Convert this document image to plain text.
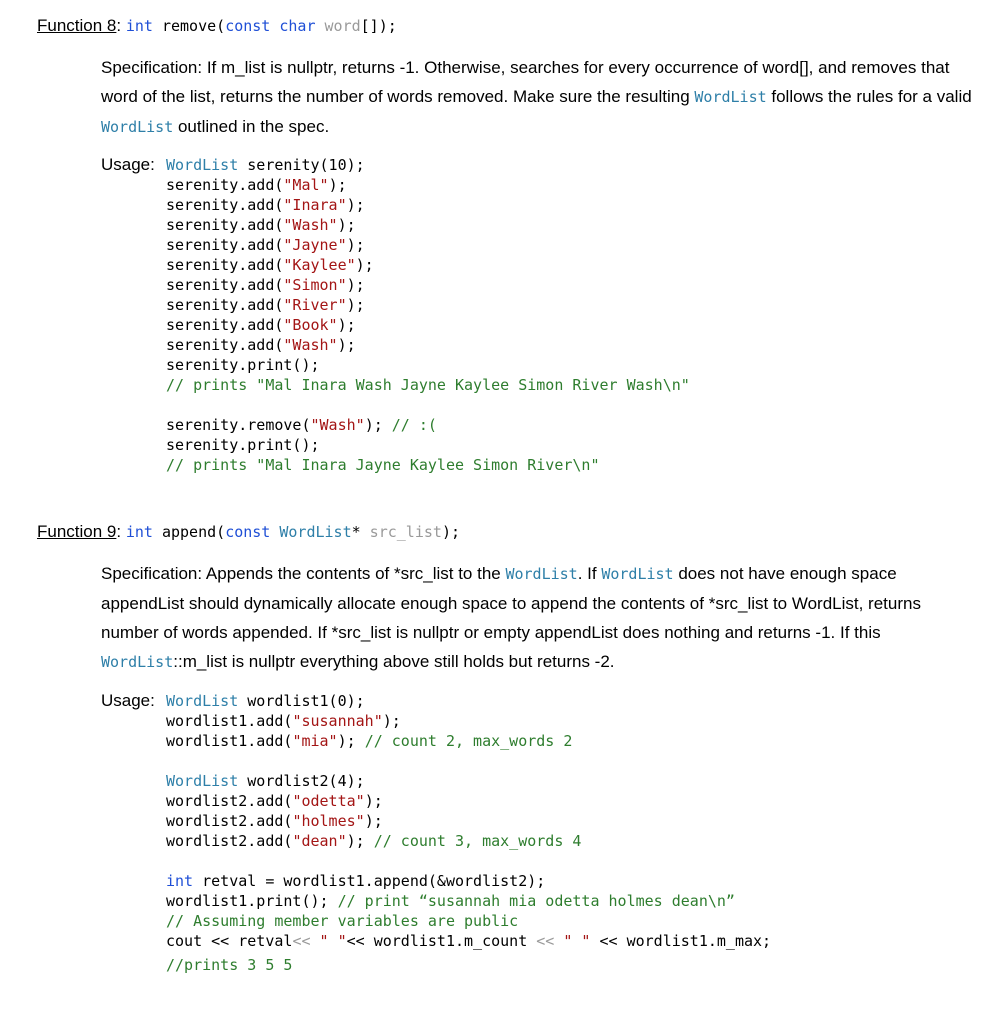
Function 8: int remove(const char word[]);
Specification: If m_list is nullptr, returns -1. Otherwise, searches for every occurrence of word[], and removes that word of the list, returns the number of words removed. Make sure the resulting WordList follows the rules for a valid WordList outlined in the spec.
Usage: WordList serenity(10);
serenity.add("Mal");
serenity.add("Inara");
serenity.add("Wash");
serenity.add("Jayne");
serenity.add("Kaylee");
serenity.add("Simon");
serenity.add("River");
serenity.add("Book");
serenity.add("Wash");
serenity.print();
// prints "Mal Inara Wash Jayne Kaylee Simon River Wash\n"
serenity.remove("Wash"); // :(
serenity.print();
// prints "Mal Inara Jayne Kaylee Simon River\n"
Function 9: int append(const WordList* src_list);
Specification: Appends the contents of *src_list to the WordList. If WordList does not have enough space appendList should dynamically allocate enough space to append the contents of *src_list to WordList, returns number of words appended. If *src_list is nullptr or empty appendList does nothing and returns -1. If this WordList::m_list is nullptr everything above still holds but returns -2.
Usage: WordList wordlist1(0);
wordlist1.add("susannah");
wordlist1.add("mia"); // count 2, max_words 2
WordList wordlist2(4);
wordlist2.add("odetta");
wordlist2.add("holmes");
wordlist2.add("dean"); // count 3, max_words 4
int retval = wordlist1.append(&wordlist2);
wordlist1.print(); // print “susannah mia odetta holmes dean\n”
// Assuming member variables are public
cout << retval<< " "<< wordlist1.m_count << " " << wordlist1.m_max;
//prints 3 5 5
